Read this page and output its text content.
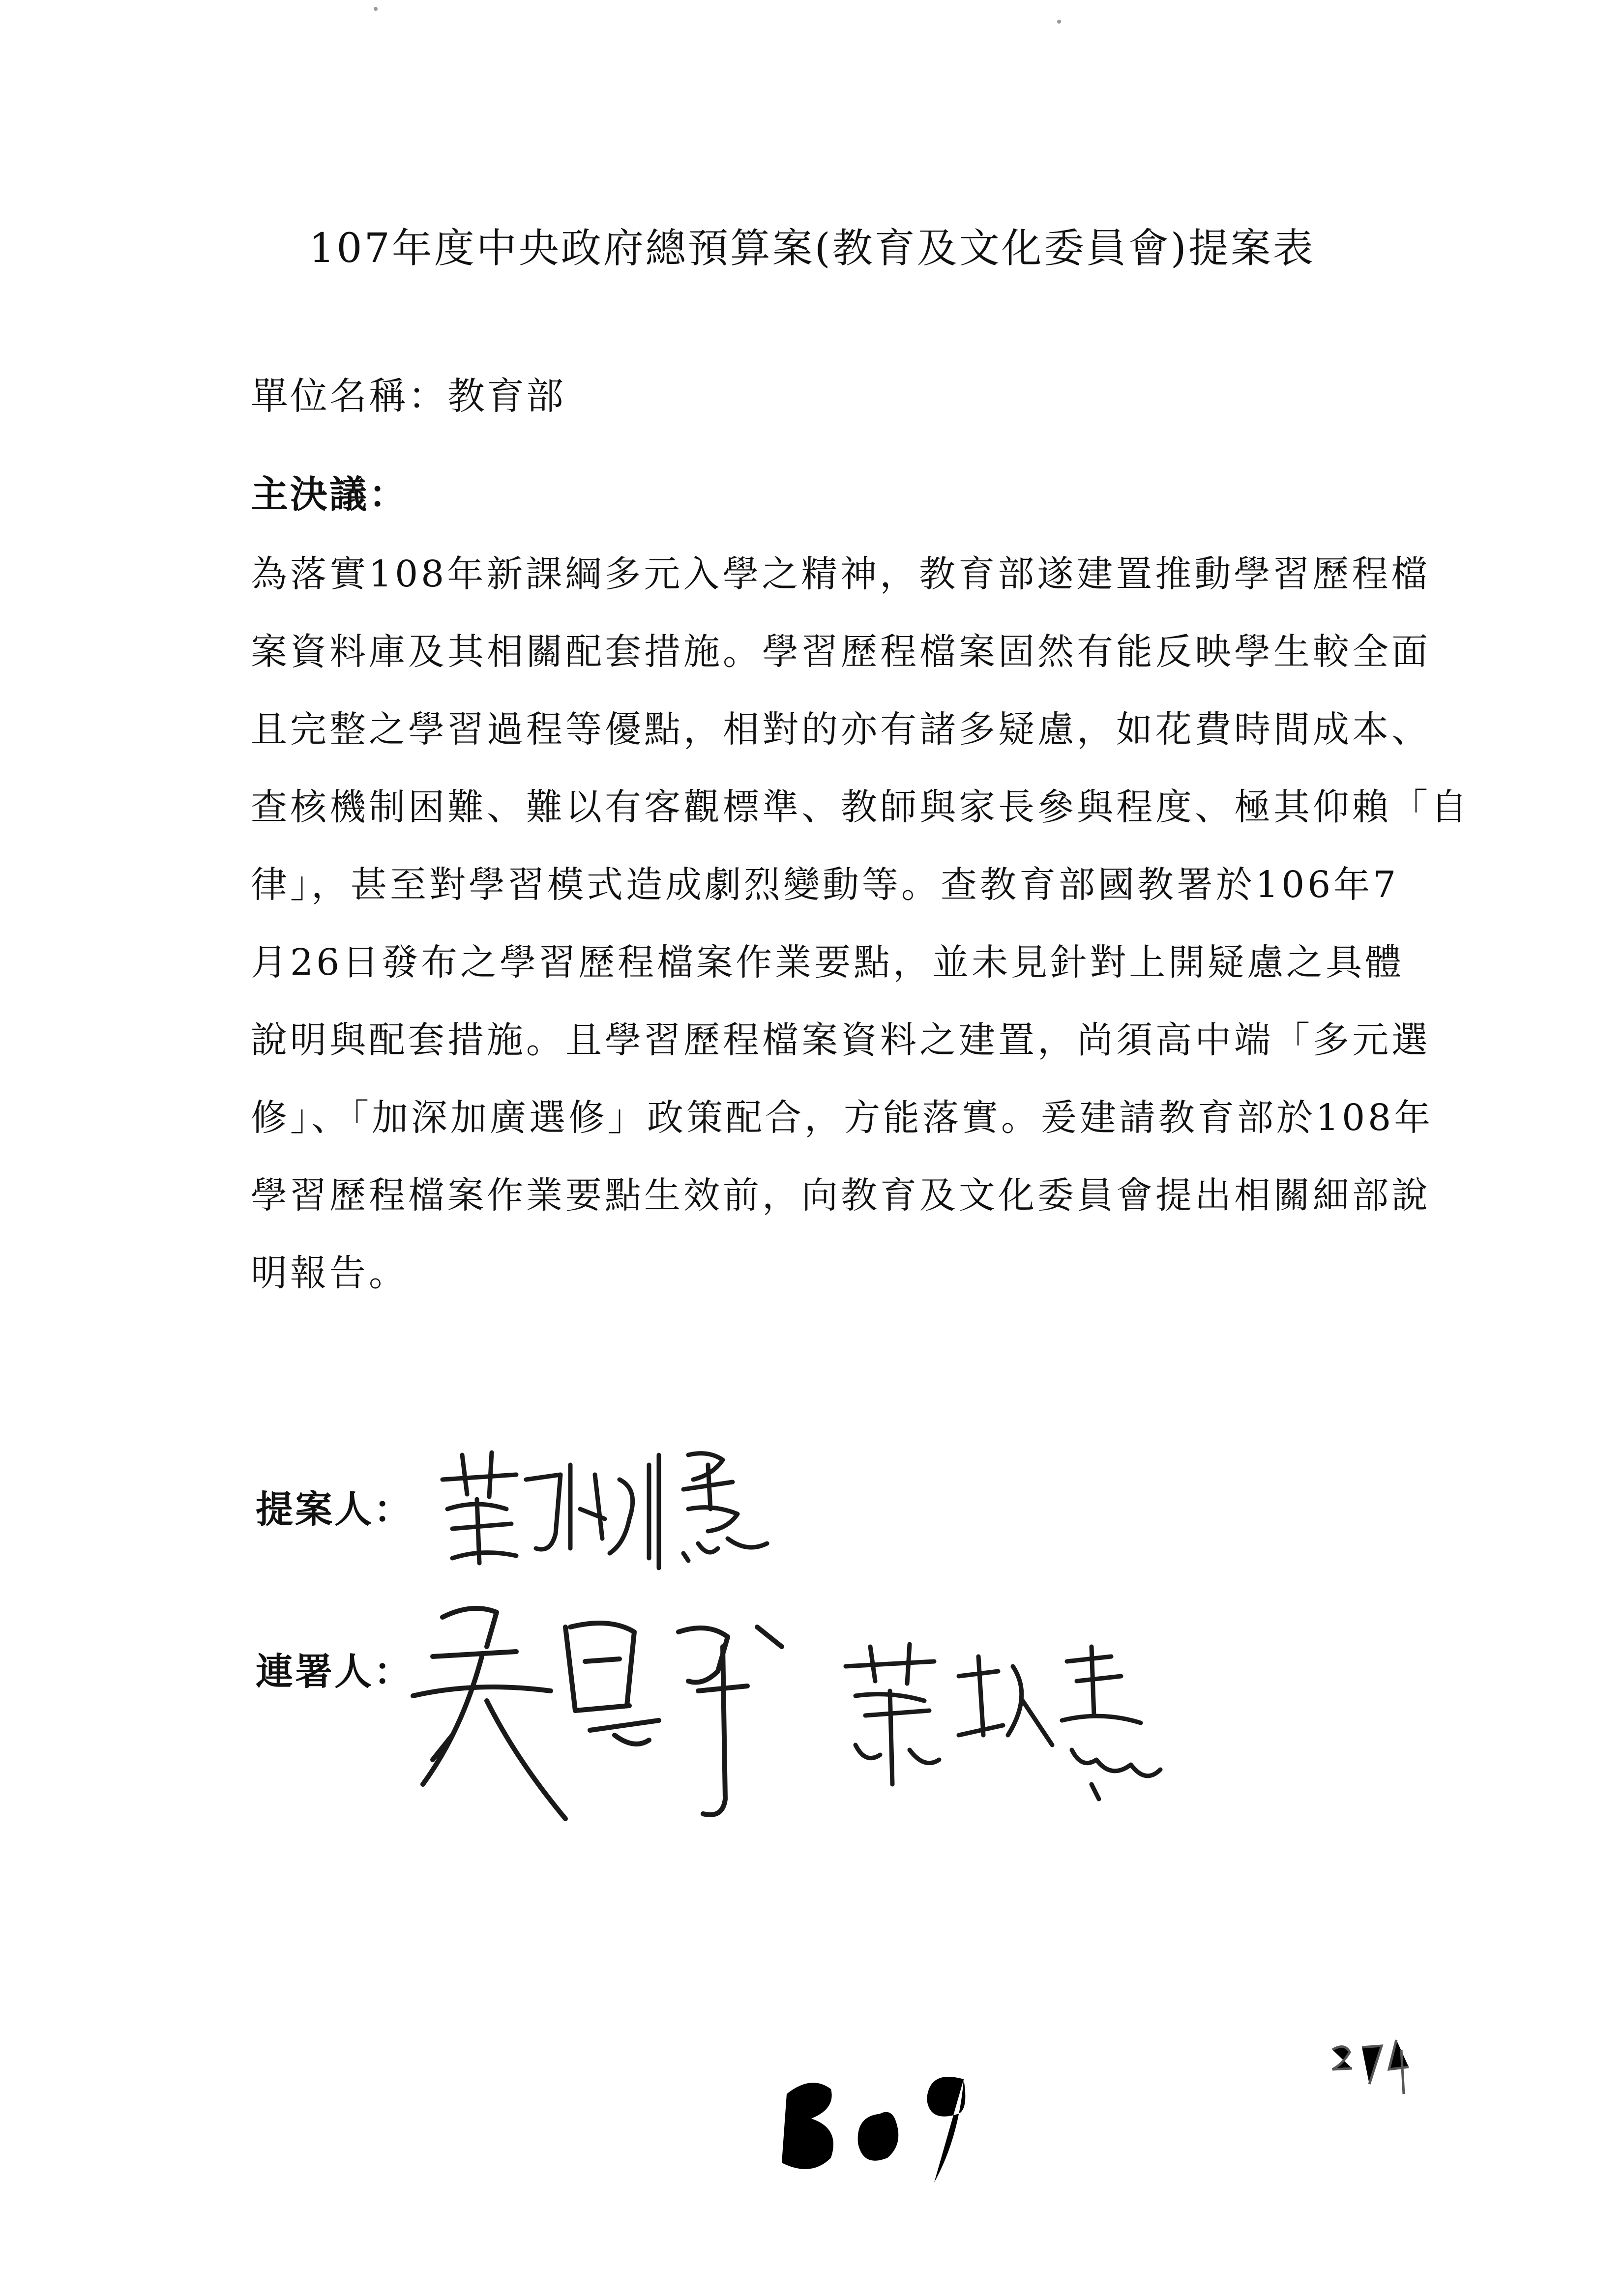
107年度中央政府總預算案(教育及文化委員會)提案表
單位名稱：教育部
主決議：
為落實108年新課綱多元入學之精神，教育部遂建置推動學習歷程檔
案資料庫及其相關配套措施。學習歷程檔案固然有能反映學生較全面
且完整之學習過程等優點，相對的亦有諸多疑慮，如花費時間成本、
查核機制困難、難以有客觀標準、教師與家長參與程度、極其仰賴「自
律」，甚至對學習模式造成劇烈變動等。查教育部國教署於106年7
月26日發布之學習歷程檔案作業要點，並未見針對上開疑慮之具體
說明與配套措施。且學習歷程檔案資料之建置，尚須高中端「多元選
修」、「加深加廣選修」政策配合，方能落實。爰建請教育部於108年
學習歷程檔案作業要點生效前，向教育及文化委員會提出相關細部說
明報告。
提案人：
連署人：
